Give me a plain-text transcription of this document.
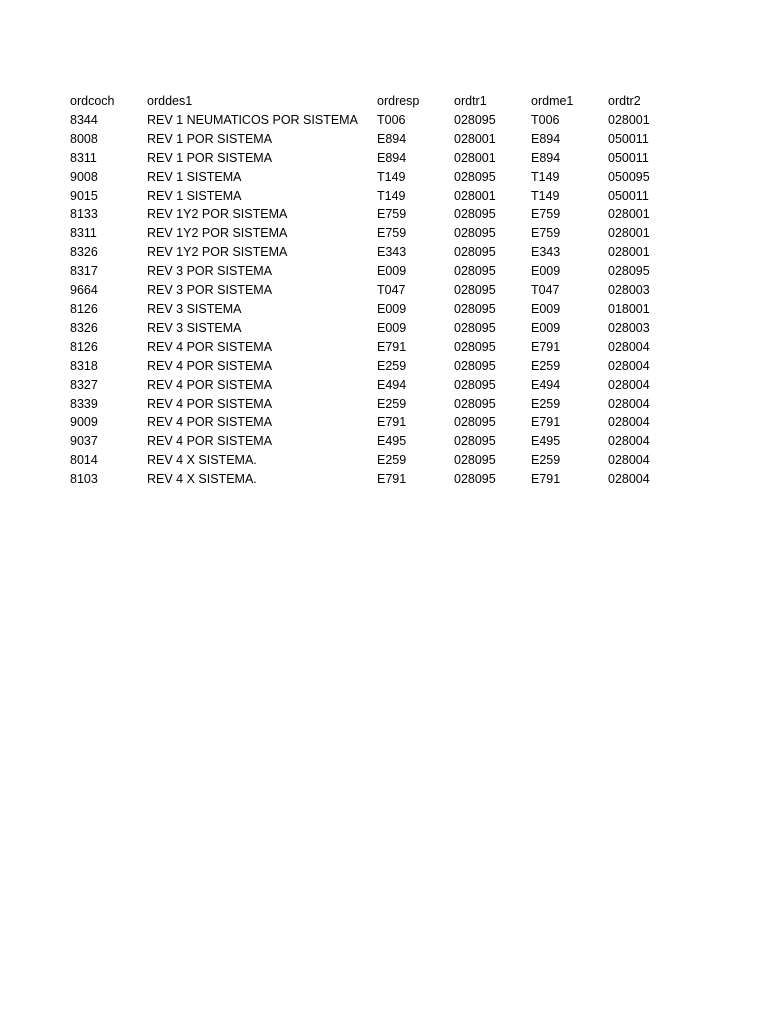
ordcoch	orddes1	ordresp	ordtr1	ordme1	ordtr2
8344	REV 1 NEUMATICOS POR SISTEMA	T006	028095	T006	028001
8008	REV 1 POR SISTEMA	E894	028001	E894	050011
8311	REV 1 POR SISTEMA	E894	028001	E894	050011
9008	REV 1 SISTEMA	T149	028095	T149	050095
9015	REV 1 SISTEMA	T149	028001	T149	050011
8133	REV 1Y2 POR SISTEMA	E759	028095	E759	028001
8311	REV 1Y2 POR SISTEMA	E759	028095	E759	028001
8326	REV 1Y2 POR SISTEMA	E343	028095	E343	028001
8317	REV 3 POR SISTEMA	E009	028095	E009	028095
9664	REV 3 POR SISTEMA	T047	028095	T047	028003
8126	REV 3 SISTEMA	E009	028095	E009	018001
8326	REV 3 SISTEMA	E009	028095	E009	028003
8126	REV 4 POR SISTEMA	E791	028095	E791	028004
8318	REV 4 POR SISTEMA	E259	028095	E259	028004
8327	REV 4 POR SISTEMA	E494	028095	E494	028004
8339	REV 4 POR SISTEMA	E259	028095	E259	028004
9009	REV 4 POR SISTEMA	E791	028095	E791	028004
9037	REV 4 POR SISTEMA	E495	028095	E495	028004
8014	REV 4 X SISTEMA.	E259	028095	E259	028004
8103	REV 4 X SISTEMA.	E791	028095	E791	028004
